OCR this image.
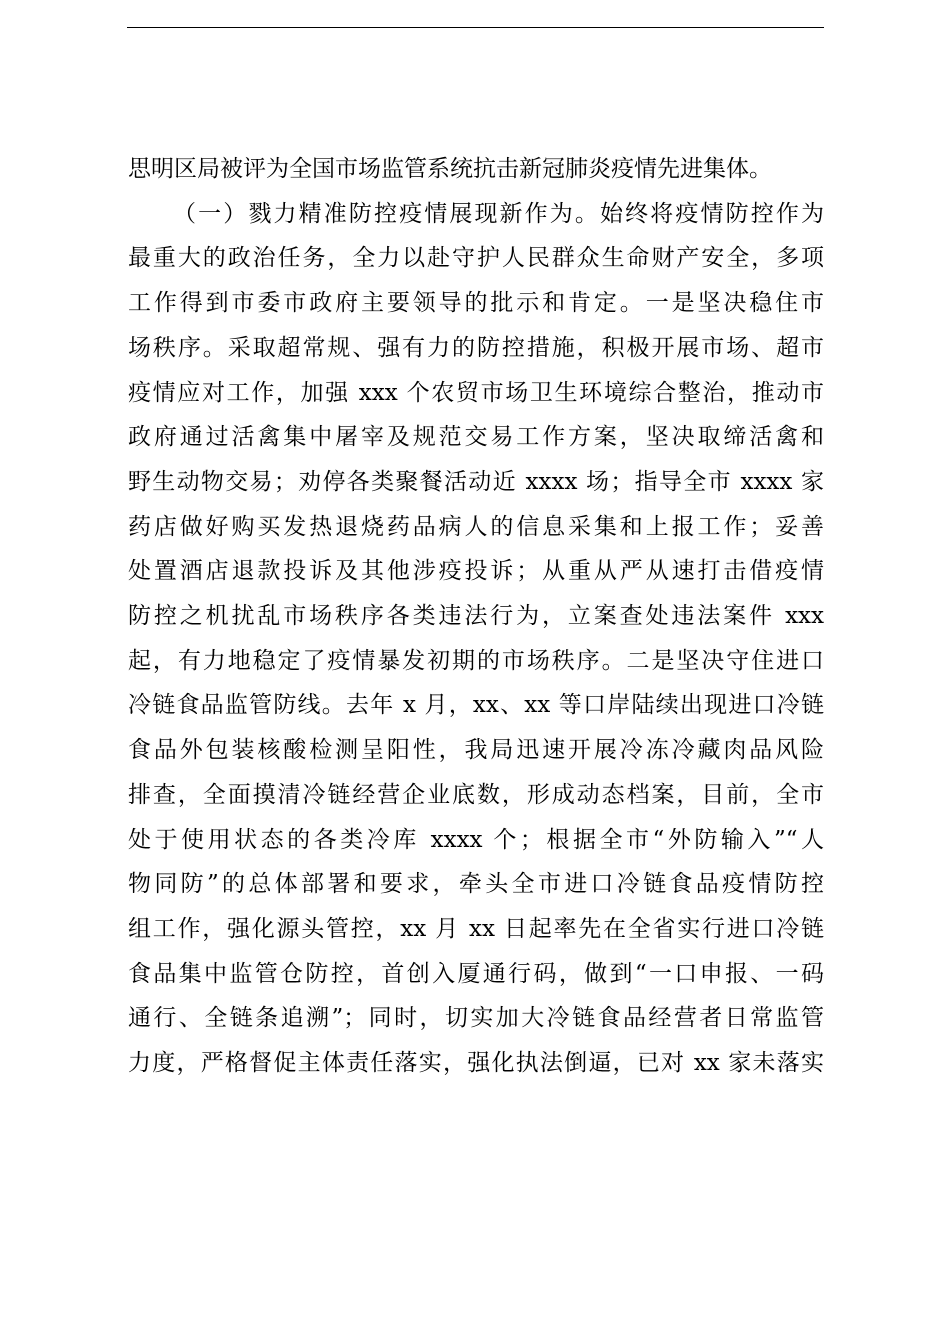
思明区局被评为全国市场监管系统抗击新冠肺炎疫情先进集体。
（一）戮力精准防控疫情展现新作为。始终将疫情防控作为
最重大的政治任务，全力以赴守护人民群众生命财产安全，多项
工作得到市委市政府主要领导的批示和肯定。一是坚决稳住市
场秩序。采取超常规、强有力的防控措施，积极开展市场、超市
疫情应对工作，加强 xxx 个农贸市场卫生环境综合整治，推动市
政府通过活禽集中屠宰及规范交易工作方案，坚决取缔活禽和
野生动物交易；劝停各类聚餐活动近 xxxx 场；指导全市 xxxx 家
药店做好购买发热退烧药品病人的信息采集和上报工作；妥善
处置酒店退款投诉及其他涉疫投诉；从重从严从速打击借疫情
防控之机扰乱市场秩序各类违法行为，立案查处违法案件 xxx
起，有力地稳定了疫情暴发初期的市场秩序。二是坚决守住进口
冷链食品监管防线。去年 x 月，xx、xx 等口岸陆续出现进口冷链
食品外包装核酸检测呈阳性，我局迅速开展冷冻冷藏肉品风险
排查，全面摸清冷链经营企业底数，形成动态档案，目前，全市
处于使用状态的各类冷库 xxxx 个；根据全市“外防输入”“人
物同防”的总体部署和要求，牵头全市进口冷链食品疫情防控
组工作，强化源头管控，xx 月 xx 日起率先在全省实行进口冷链
食品集中监管仓防控，首创入厦通行码，做到“一口申报、一码
通行、全链条追溯”；同时，切实加大冷链食品经营者日常监管
力度，严格督促主体责任落实，强化执法倒逼，已对 xx 家未落实
